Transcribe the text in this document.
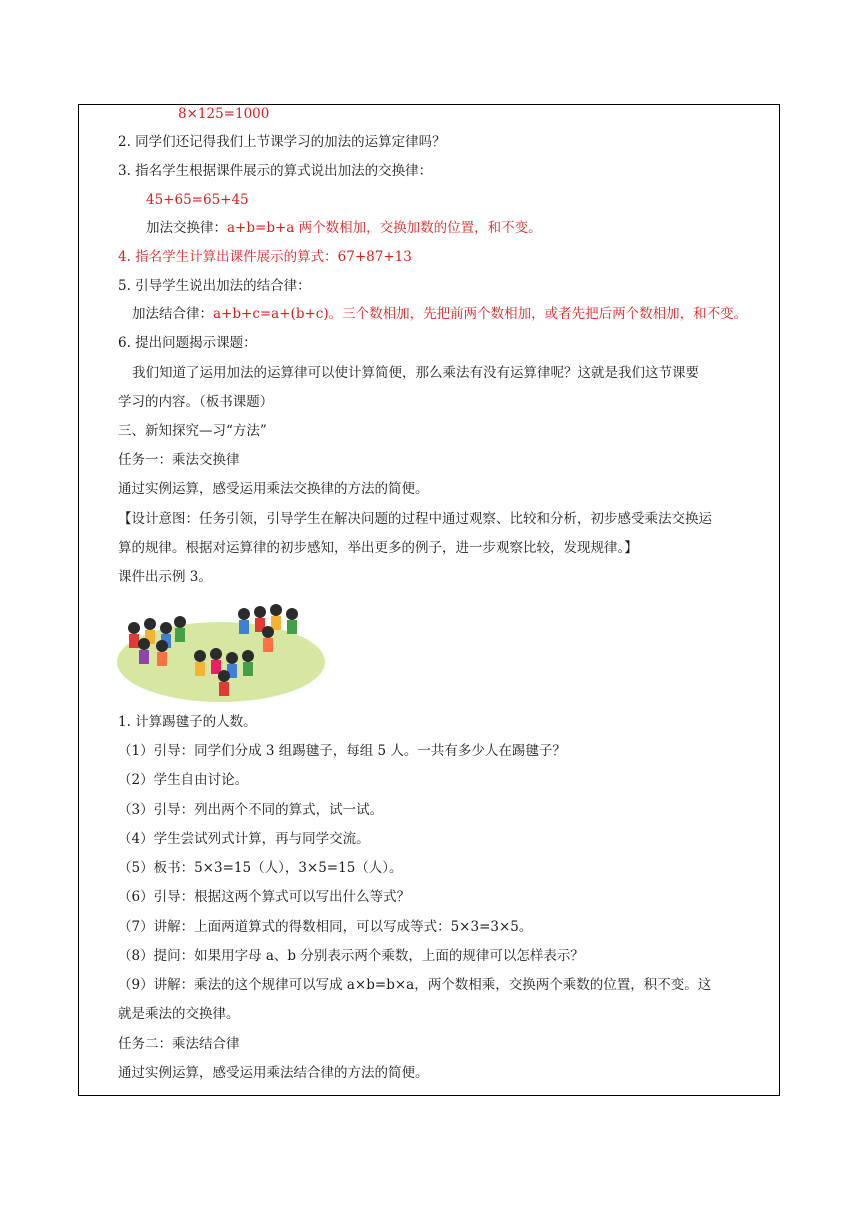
8×125=1000
2. 同学们还记得我们上节课学习的加法的运算定律吗？
3. 指名学生根据课件展示的算式说出加法的交换律：
45+65=65+45
加法交换律：a+b=b+a 两个数相加，交换加数的位置，和不变。
4. 指名学生计算出课件展示的算式：67+87+13
5. 引导学生说出加法的结合律：
加法结合律：a+b+c=a+(b+c)。三个数相加，先把前两个数相加，或者先把后两个数相加，和不变。
6. 提出问题揭示课题：
我们知道了运用加法的运算律可以使计算简便，那么乘法有没有运算律呢？这就是我们这节课要
学习的内容。（板书课题）
三、新知探究—习“方法”
任务一：乘法交换律
通过实例运算，感受运用乘法交换律的方法的简便。
【设计意图：任务引领，引导学生在解决问题的过程中通过观察、比较和分析，初步感受乘法交换运
算的规律。根据对运算律的初步感知，举出更多的例子，进一步观察比较，发现规律。】
课件出示例 3。
1. 计算踢毽子的人数。
（1）引导：同学们分成 3 组踢毽子，每组 5 人。一共有多少人在踢毽子？
（2）学生自由讨论。
（3）引导：列出两个不同的算式，试一试。
（4）学生尝试列式计算，再与同学交流。
（5）板书：5×3=15（人），3×5=15（人）。
（6）引导：根据这两个算式可以写出什么等式？
（7）讲解：上面两道算式的得数相同，可以写成等式：5×3=3×5。
（8）提问：如果用字母 a、b 分别表示两个乘数，上面的规律可以怎样表示？
（9）讲解：乘法的这个规律可以写成 a×b=b×a，两个数相乘，交换两个乘数的位置，积不变。这
就是乘法的交换律。
任务二：乘法结合律
通过实例运算，感受运用乘法结合律的方法的简便。
